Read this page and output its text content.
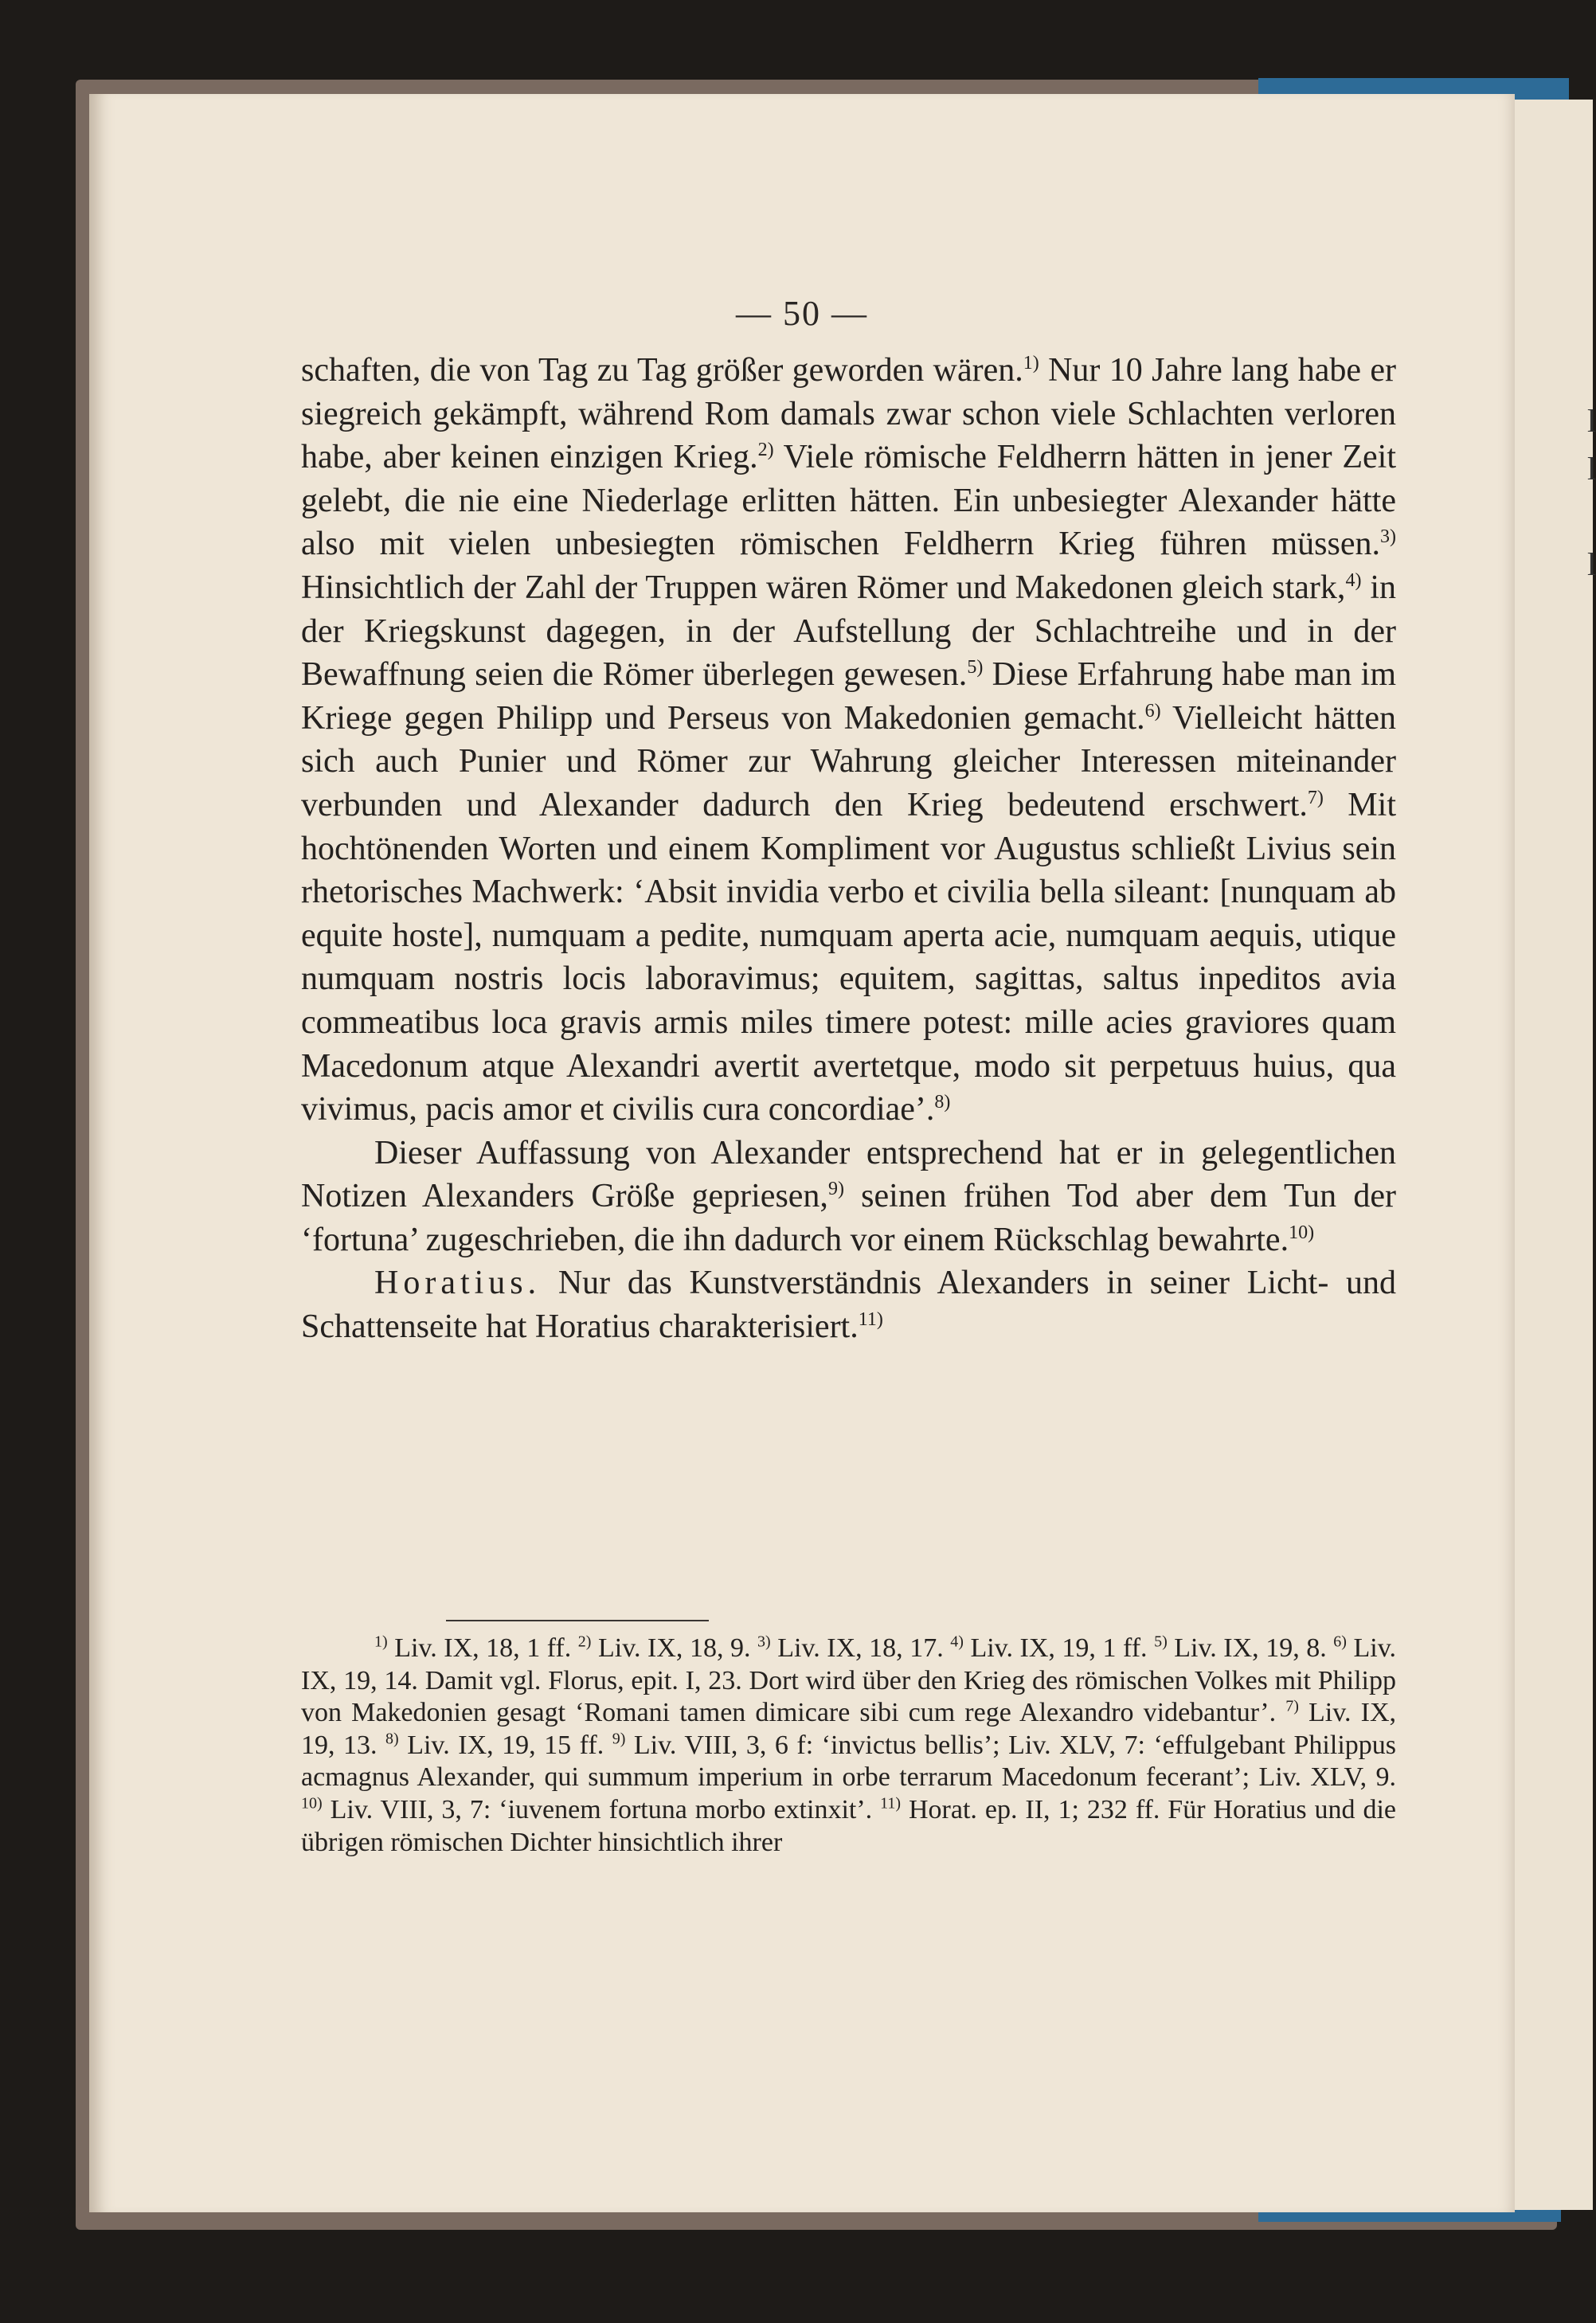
l
l
l
— 50 —

schaften, die von Tag zu Tag größer geworden wären.$^{1)}$ Nur 10 Jahre lang habe er siegreich gekämpft, während Rom damals zwar schon viele Schlachten verloren habe, aber keinen einzigen Krieg.$^{2)}$ Viele römische Feldherrn hätten in jener Zeit gelebt, die nie eine Niederlage erlitten hätten. Ein unbesiegter Alexander hätte also mit vielen unbesiegten römischen Feldherrn Krieg führen müssen.$^{3)}$ Hinsichtlich der Zahl der Truppen wären Römer und Makedonen gleich stark,$^{4)}$ in der Kriegskunst dagegen, in der Aufstellung der Schlachtreihe und in der Bewaffnung seien die Römer überlegen gewesen.$^{5)}$ Diese Erfahrung habe man im Kriege gegen Philipp und Perseus von Makedonien gemacht.$^{6)}$ Vielleicht hätten sich auch Punier und Römer zur Wahrung gleicher Interessen miteinander verbunden und Alexander dadurch den Krieg bedeutend erschwert.$^{7)}$ Mit hochtönenden Worten und einem Kompliment vor Augustus schließt Livius sein rhetorisches Machwerk: ‘Absit invidia verbo et civilia bella sileant: [nunquam ab equite hoste], numquam a pedite, numquam aperta acie, numquam aequis, utique numquam nostris locis laboravimus; equitem, sagittas, saltus inpeditos avia commeatibus loca gravis armis miles timere potest: mille acies graviores quam Macedonum atque Alexandri avertit avertetque, modo sit perpetuus huius, qua vivimus, pacis amor et civilis cura concordiae’.$^{8)}$

Dieser Auffassung von Alexander entsprechend hat er in gelegentlichen Notizen Alexanders Größe gepriesen,$^{9)}$ seinen frühen Tod aber dem Tun der ‘fortuna’ zugeschrieben, die ihn dadurch vor einem Rückschlag bewahrte.$^{10)}$

Horatius. Nur das Kunstverständnis Alexanders in seiner Licht- und Schattenseite hat Horatius charakterisiert.$^{11)}$

$^{1)}$ Liv. IX, 18, 1 ff. $^{2)}$ Liv. IX, 18, 9. $^{3)}$ Liv. IX, 18, 17. $^{4)}$ Liv. IX, 19, 1 ff. $^{5)}$ Liv. IX, 19, 8. $^{6)}$ Liv. IX, 19, 14. Damit vgl. Florus, epit. I, 23. Dort wird über den Krieg des römischen Volkes mit Philipp von Makedonien gesagt ‘Romani tamen dimicare sibi cum rege Alexandro videbantur’. $^{7)}$ Liv. IX, 19, 13. $^{8)}$ Liv. IX, 19, 15 ff. $^{9)}$ Liv. VIII, 3, 6 f: ‘invictus bellis’; Liv. XLV, 7: ‘effulgebant Philippus acmagnus Alexander, qui summum imperium in orbe terrarum Macedonum fecerant’; Liv. XLV, 9. $^{10)}$ Liv. VIII, 3, 7: ‘iuvenem fortuna morbo extinxit’. $^{11)}$ Horat. ep. II, 1; 232 ff. Für Horatius und die übrigen römischen Dichter hinsichtlich ihrer
